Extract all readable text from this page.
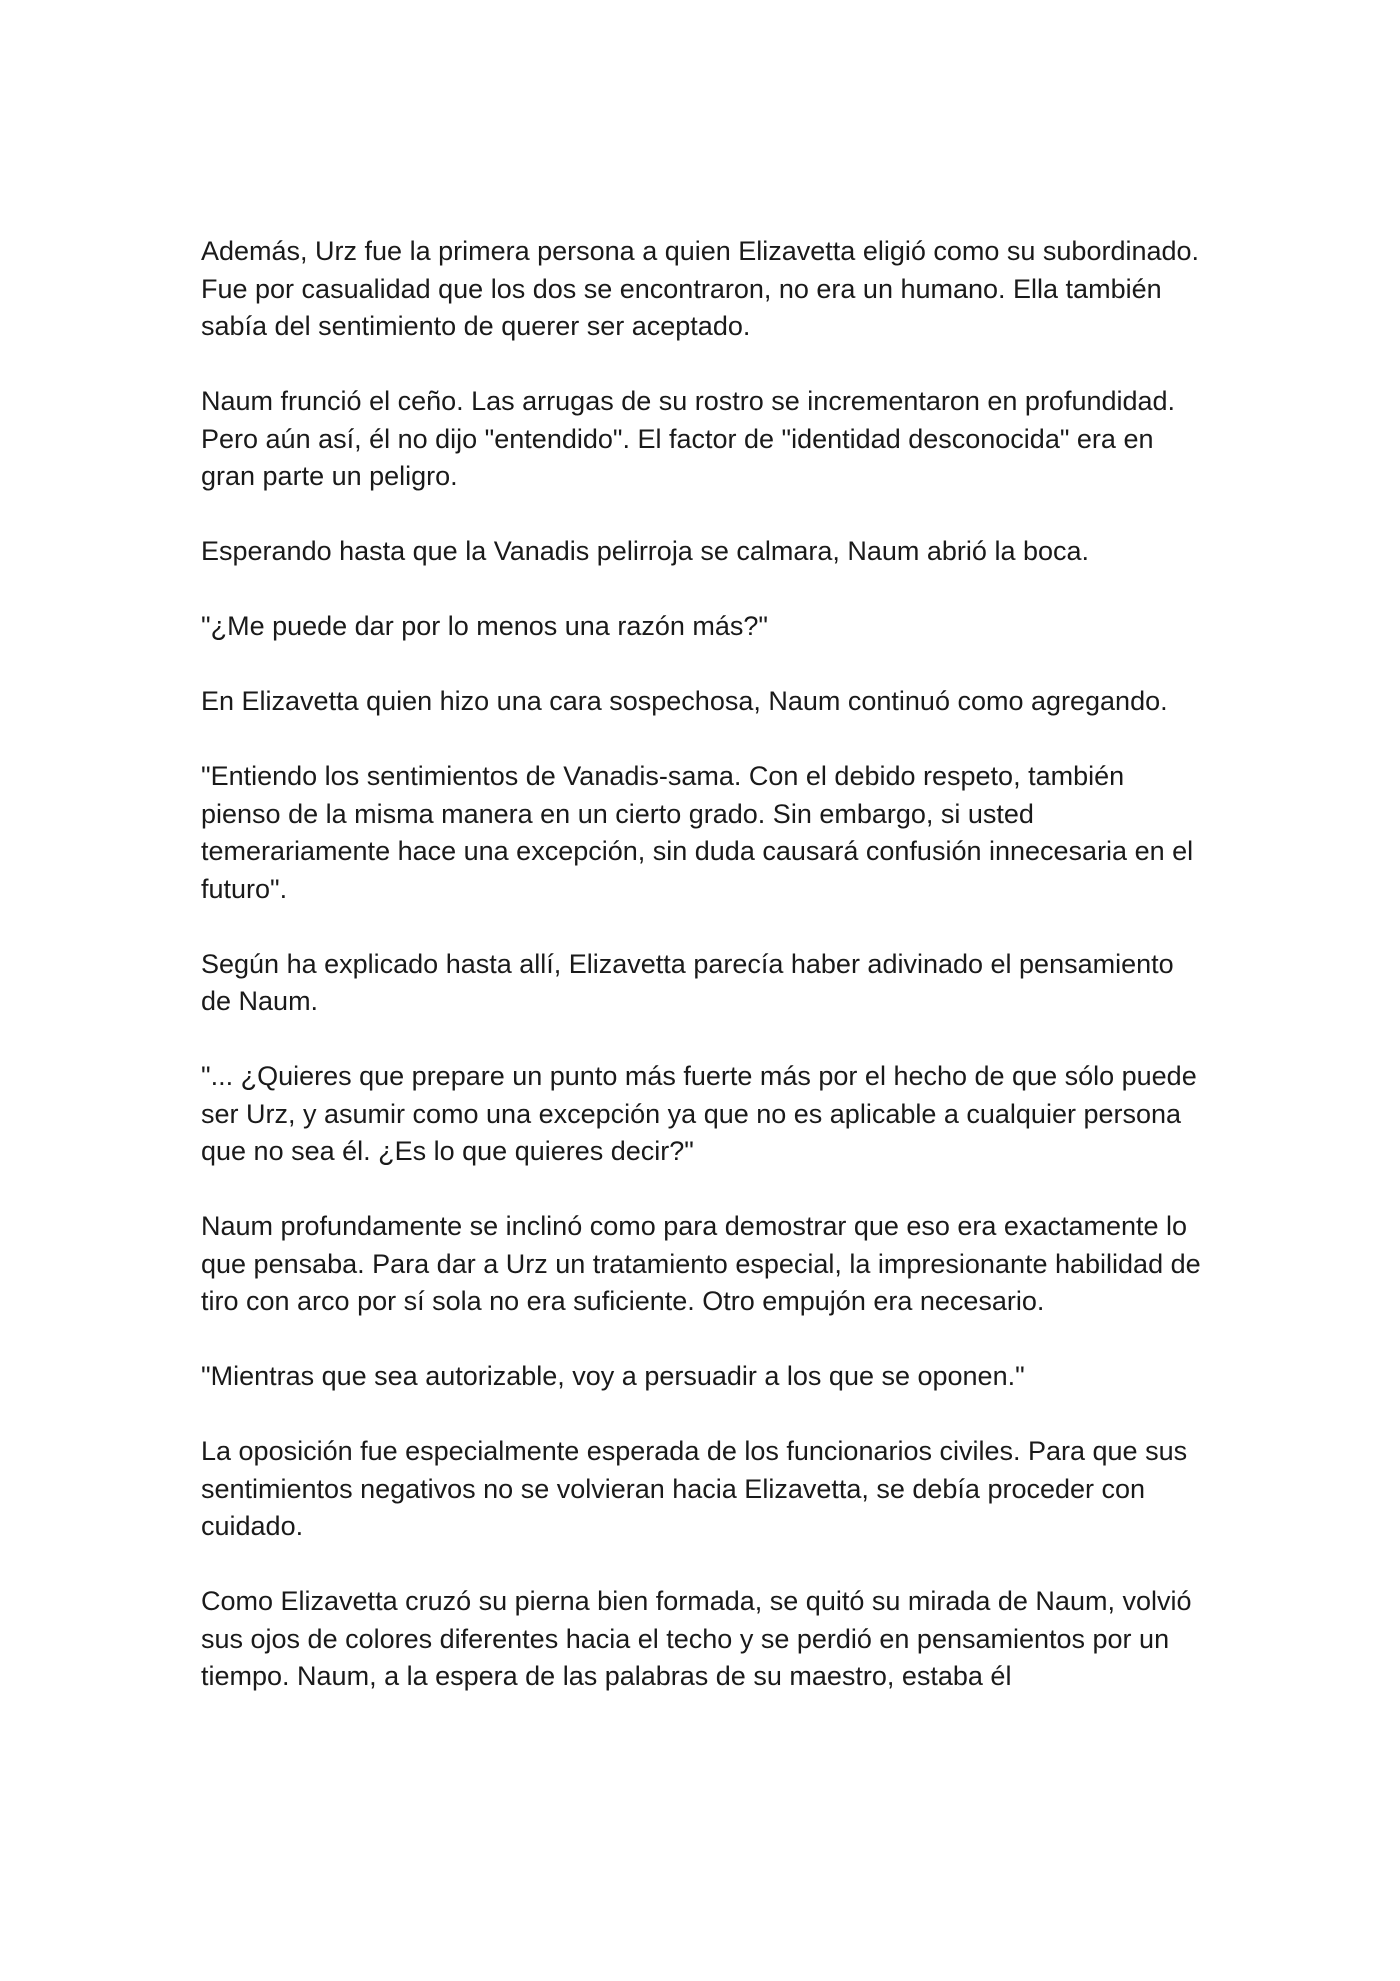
Además, Urz fue la primera persona a quien Elizavetta eligió como su subordinado. Fue por casualidad que los dos se encontraron, no era un humano. Ella también sabía del sentimiento de querer ser aceptado.

Naum frunció el ceño. Las arrugas de su rostro se incrementaron en profundidad. Pero aún así, él no dijo "entendido". El factor de "identidad desconocida" era en gran parte un peligro.

Esperando hasta que la Vanadis pelirroja se calmara, Naum abrió la boca.

"¿Me puede dar por lo menos una razón más?"

En Elizavetta quien hizo una cara sospechosa, Naum continuó como agregando.

"Entiendo los sentimientos de Vanadis-sama. Con el debido respeto, también pienso de la misma manera en un cierto grado. Sin embargo, si usted temerariamente hace una excepción, sin duda causará confusión innecesaria en el futuro".

Según ha explicado hasta allí, Elizavetta parecía haber adivinado el pensamiento de Naum.

"... ¿Quieres que prepare un punto más fuerte más por el hecho de que sólo puede ser Urz, y asumir como una excepción ya que no es aplicable a cualquier persona que no sea él. ¿Es lo que quieres decir?"

Naum profundamente se inclinó como para demostrar que eso era exactamente lo que pensaba. Para dar a Urz un tratamiento especial, la impresionante habilidad de tiro con arco por sí sola no era suficiente. Otro empujón era necesario.

"Mientras que sea autorizable, voy a persuadir a los que se oponen."

La oposición fue especialmente esperada de los funcionarios civiles. Para que sus sentimientos negativos no se volvieran hacia Elizavetta, se debía proceder con cuidado.

Como Elizavetta cruzó su pierna bien formada, se quitó su mirada de Naum, volvió sus ojos de colores diferentes hacia el techo y se perdió en pensamientos por un tiempo. Naum, a la espera de las palabras de su maestro, estaba él
